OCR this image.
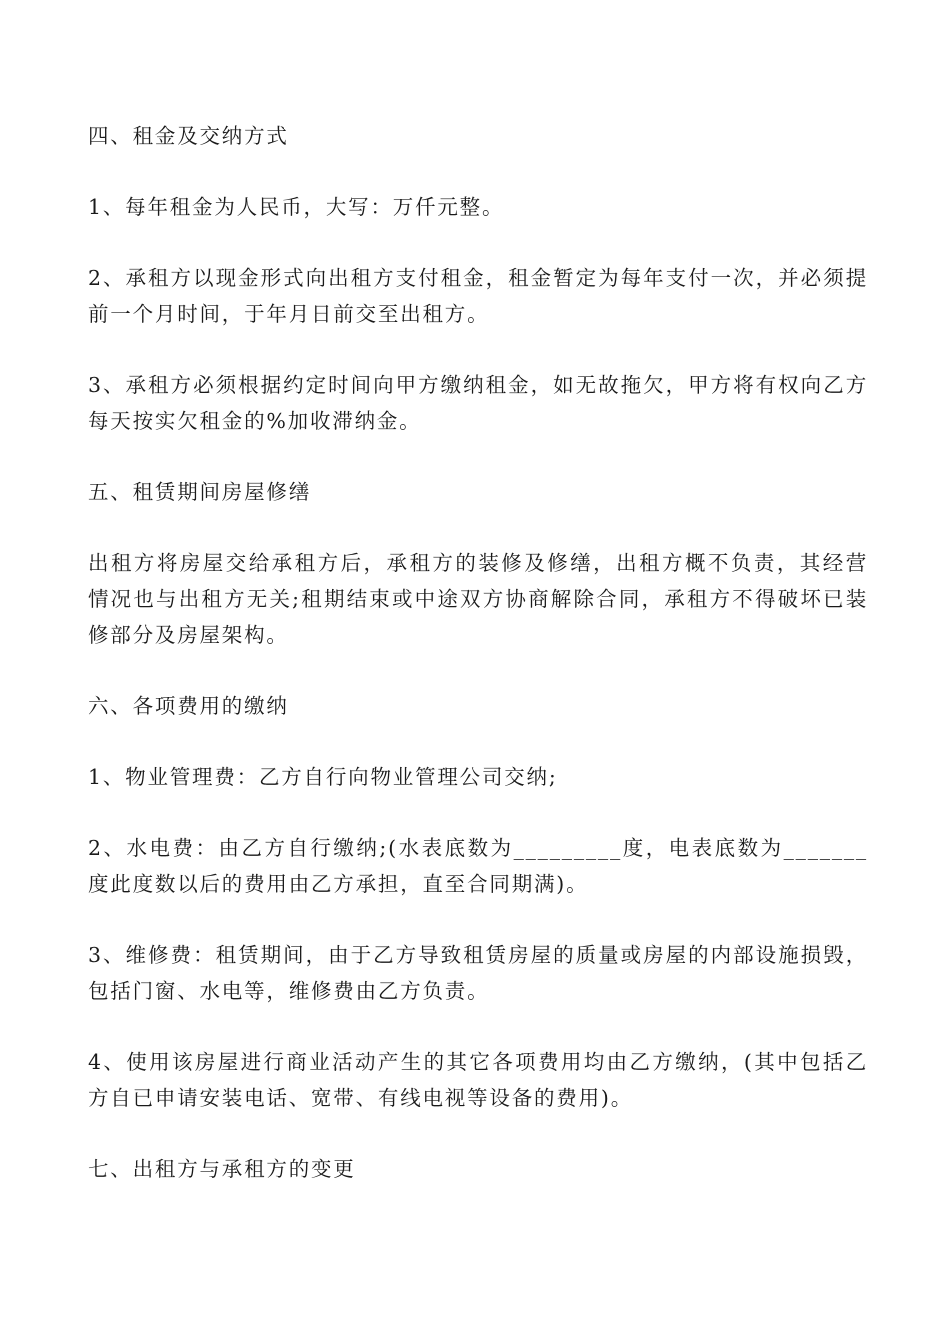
四、租金及交纳方式

1、每年租金为人民币，大写：万仟元整。

2、承租方以现金形式向出租方支付租金，租金暂定为每年支付一次，并必须提前一个月时间，于年月日前交至出租方。

3、承租方必须根据约定时间向甲方缴纳租金，如无故拖欠，甲方将有权向乙方每天按实欠租金的%加收滞纳金。

五、租赁期间房屋修缮

出租方将房屋交给承租方后，承租方的装修及修缮，出租方概不负责，其经营情况也与出租方无关;租期结束或中途双方协商解除合同，承租方不得破坏已装修部分及房屋架构。

六、各项费用的缴纳

1、物业管理费：乙方自行向物业管理公司交纳;

2、水电费：由乙方自行缴纳;(水表底数为_________度，电表底数为_______度此度数以后的费用由乙方承担，直至合同期满)。

3、维修费：租赁期间，由于乙方导致租赁房屋的质量或房屋的内部设施损毁，包括门窗、水电等，维修费由乙方负责。

4、使用该房屋进行商业活动产生的其它各项费用均由乙方缴纳，(其中包括乙方自已申请安装电话、宽带、有线电视等设备的费用)。

七、出租方与承租方的变更
